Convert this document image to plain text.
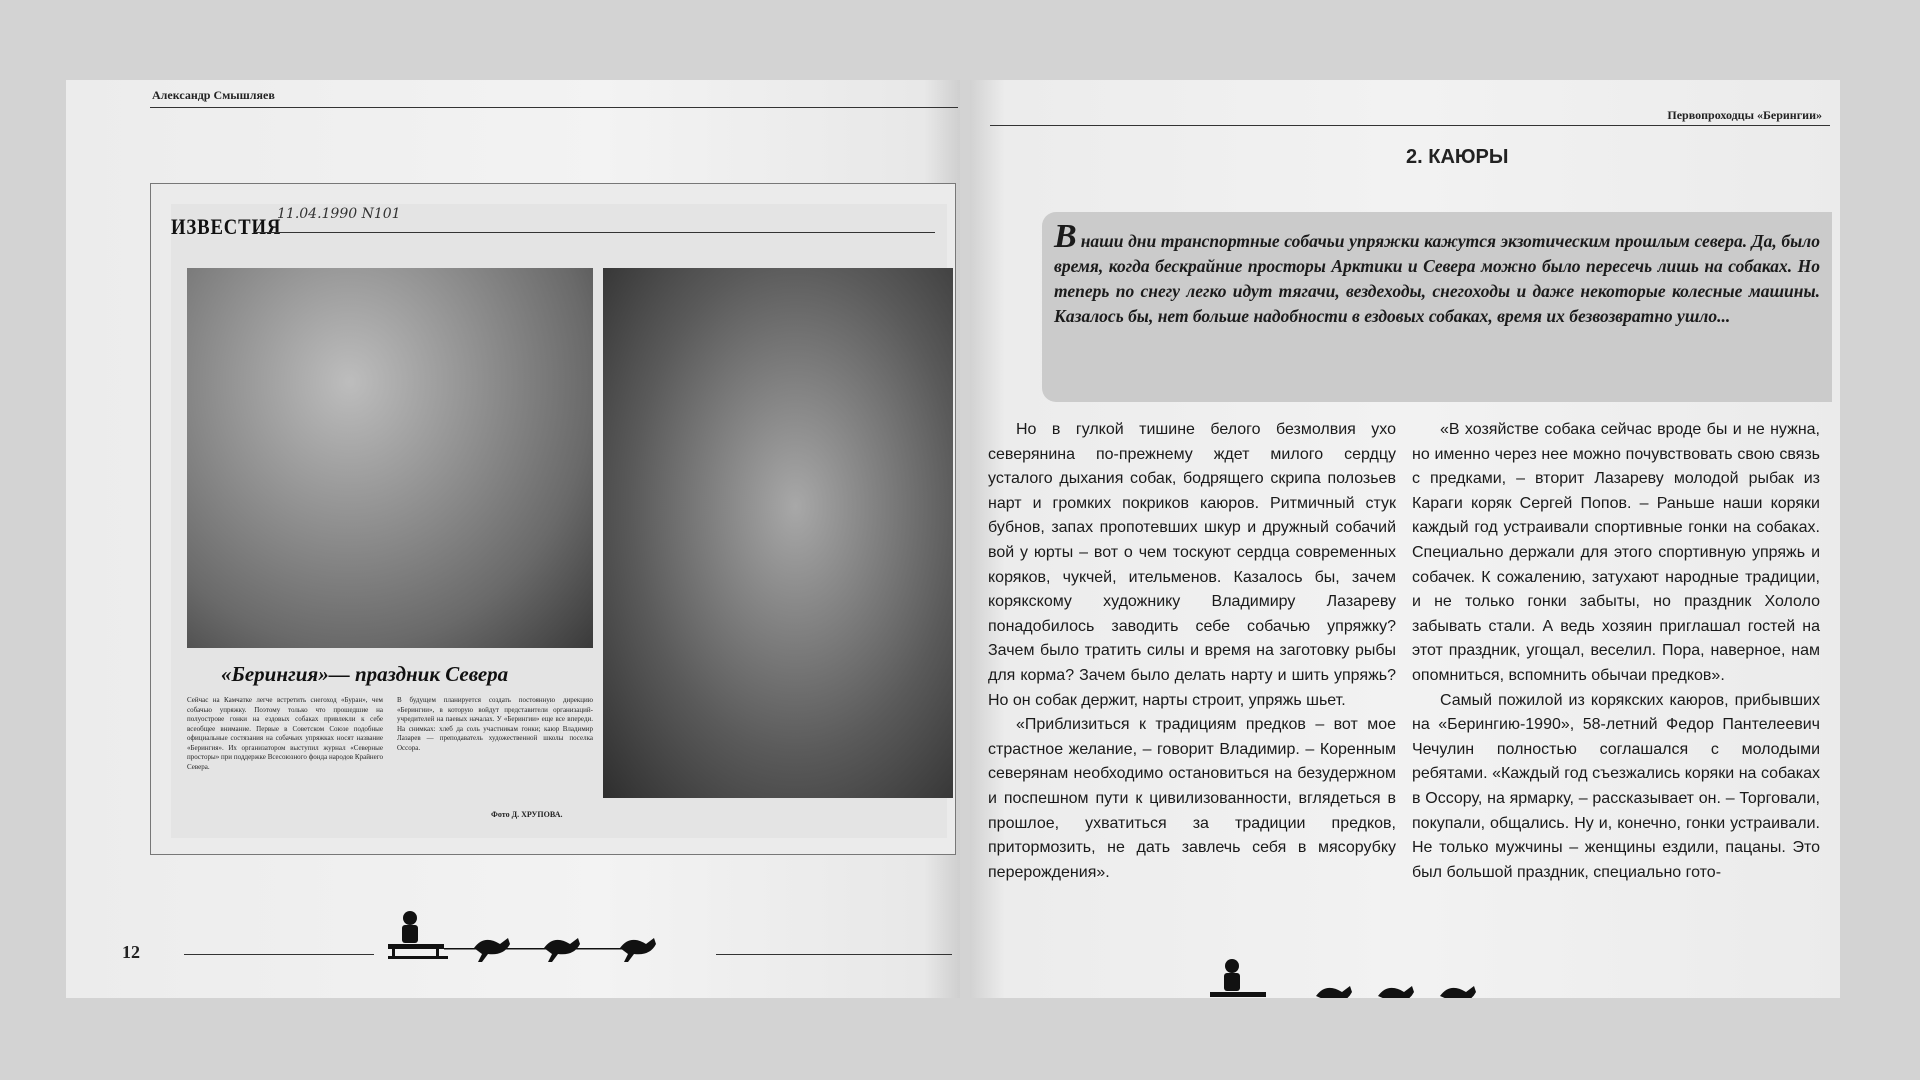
Александр Смышляев
ИЗВЕСТИЯ
11.04.1990 N101
«Берингия»— праздник Севера
Сейчас на Камчатке легче встретить снегоход «Буран», чем собачью упряжку. Поэтому только что прошедшие на полуострове гонки на ездовых собаках привлекли к себе всеобщее внимание. Первые в Советском Союзе подобные официальные состязания на собачьих упряжках носят название «Берингия». Их организатором выступил журнал «Северные просторы» при поддержке Всесоюзного фонда народов Крайнего Севера.
В будущем планируется создать постоянную дирекцию «Берингии», в которую войдут представители организаций-учредителей на паевых началах. У «Берингии» еще все впереди. На снимках: хлеб да соль участникам гонки; каюр Владимир Лазарев — преподаватель художественной школы поселка Оссора.
Фото Д. ХРУПОВА.
12
Первопроходцы «Берингии»
2. КАЮРЫ
Внаши дни транспортные собачьи упряжки кажутся экзотическим прошлым севера. Да, было время, когда бескрайние просторы Арктики и Севера можно было пересечь лишь на собаках. Но теперь по снегу легко идут тягачи, вездеходы, снегоходы и даже некоторые колесные машины. Казалось бы, нет больше надобности в ездовых собаках, время их безвозвратно ушло...

Но в гулкой тишине белого безмолвия ухо северянина по-прежнему ждет милого сердцу усталого дыхания собак, бодрящего скрипа полозьев нарт и громких покриков каюров. Ритмичный стук бубнов, запах пропотевших шкур и дружный собачий вой у юрты – вот о чем тоскуют сердца современных коряков, чукчей, ительменов. Казалось бы, зачем корякскому художнику Владимиру Лазареву понадобилось заводить себе собачью упряжку? Зачем было тратить силы и время на заготовку рыбы для корма? Зачем было делать нарту и шить упряжь? Но он собак держит, нарты строит, упряжь шьет.

«Приблизиться к традициям предков – вот мое страстное желание, – говорит Владимир. – Коренным северянам необходимо остановиться на безудержном и поспешном пути к цивилизованности, вглядеться в прошлое, ухватиться за традиции предков, притормозить, не дать завлечь себя в мясорубку перерождения».

«В хозяйстве собака сейчас вроде бы и не нужна, но именно через нее можно почувствовать свою связь с предками, – вторит Лазареву молодой рыбак из Караги коряк Сергей Попов. – Раньше наши коряки каждый год устраивали спортивные гонки на собаках. Специально держали для этого спортивную упряжь и собачек. К сожалению, затухают народные традиции, и не только гонки забыты, но праздник Хололо забывать стали. А ведь хозяин приглашал гостей на этот праздник, угощал, веселил. Пора, наверное, нам опомниться, вспомнить обычаи предков».

Самый пожилой из корякских каюров, прибывших на «Берингию-1990», 58-летний Федор Пантелеевич Чечулин полностью соглашался с молодыми ребятами. «Каждый год съезжались коряки на собаках в Оссору, на ярмарку, – рассказывает он. – Торговали, покупали, общались. Ну и, конечно, гонки устраивали. Не только мужчины – женщины ездили, пацаны. Это был большой праздник, специально гото-
